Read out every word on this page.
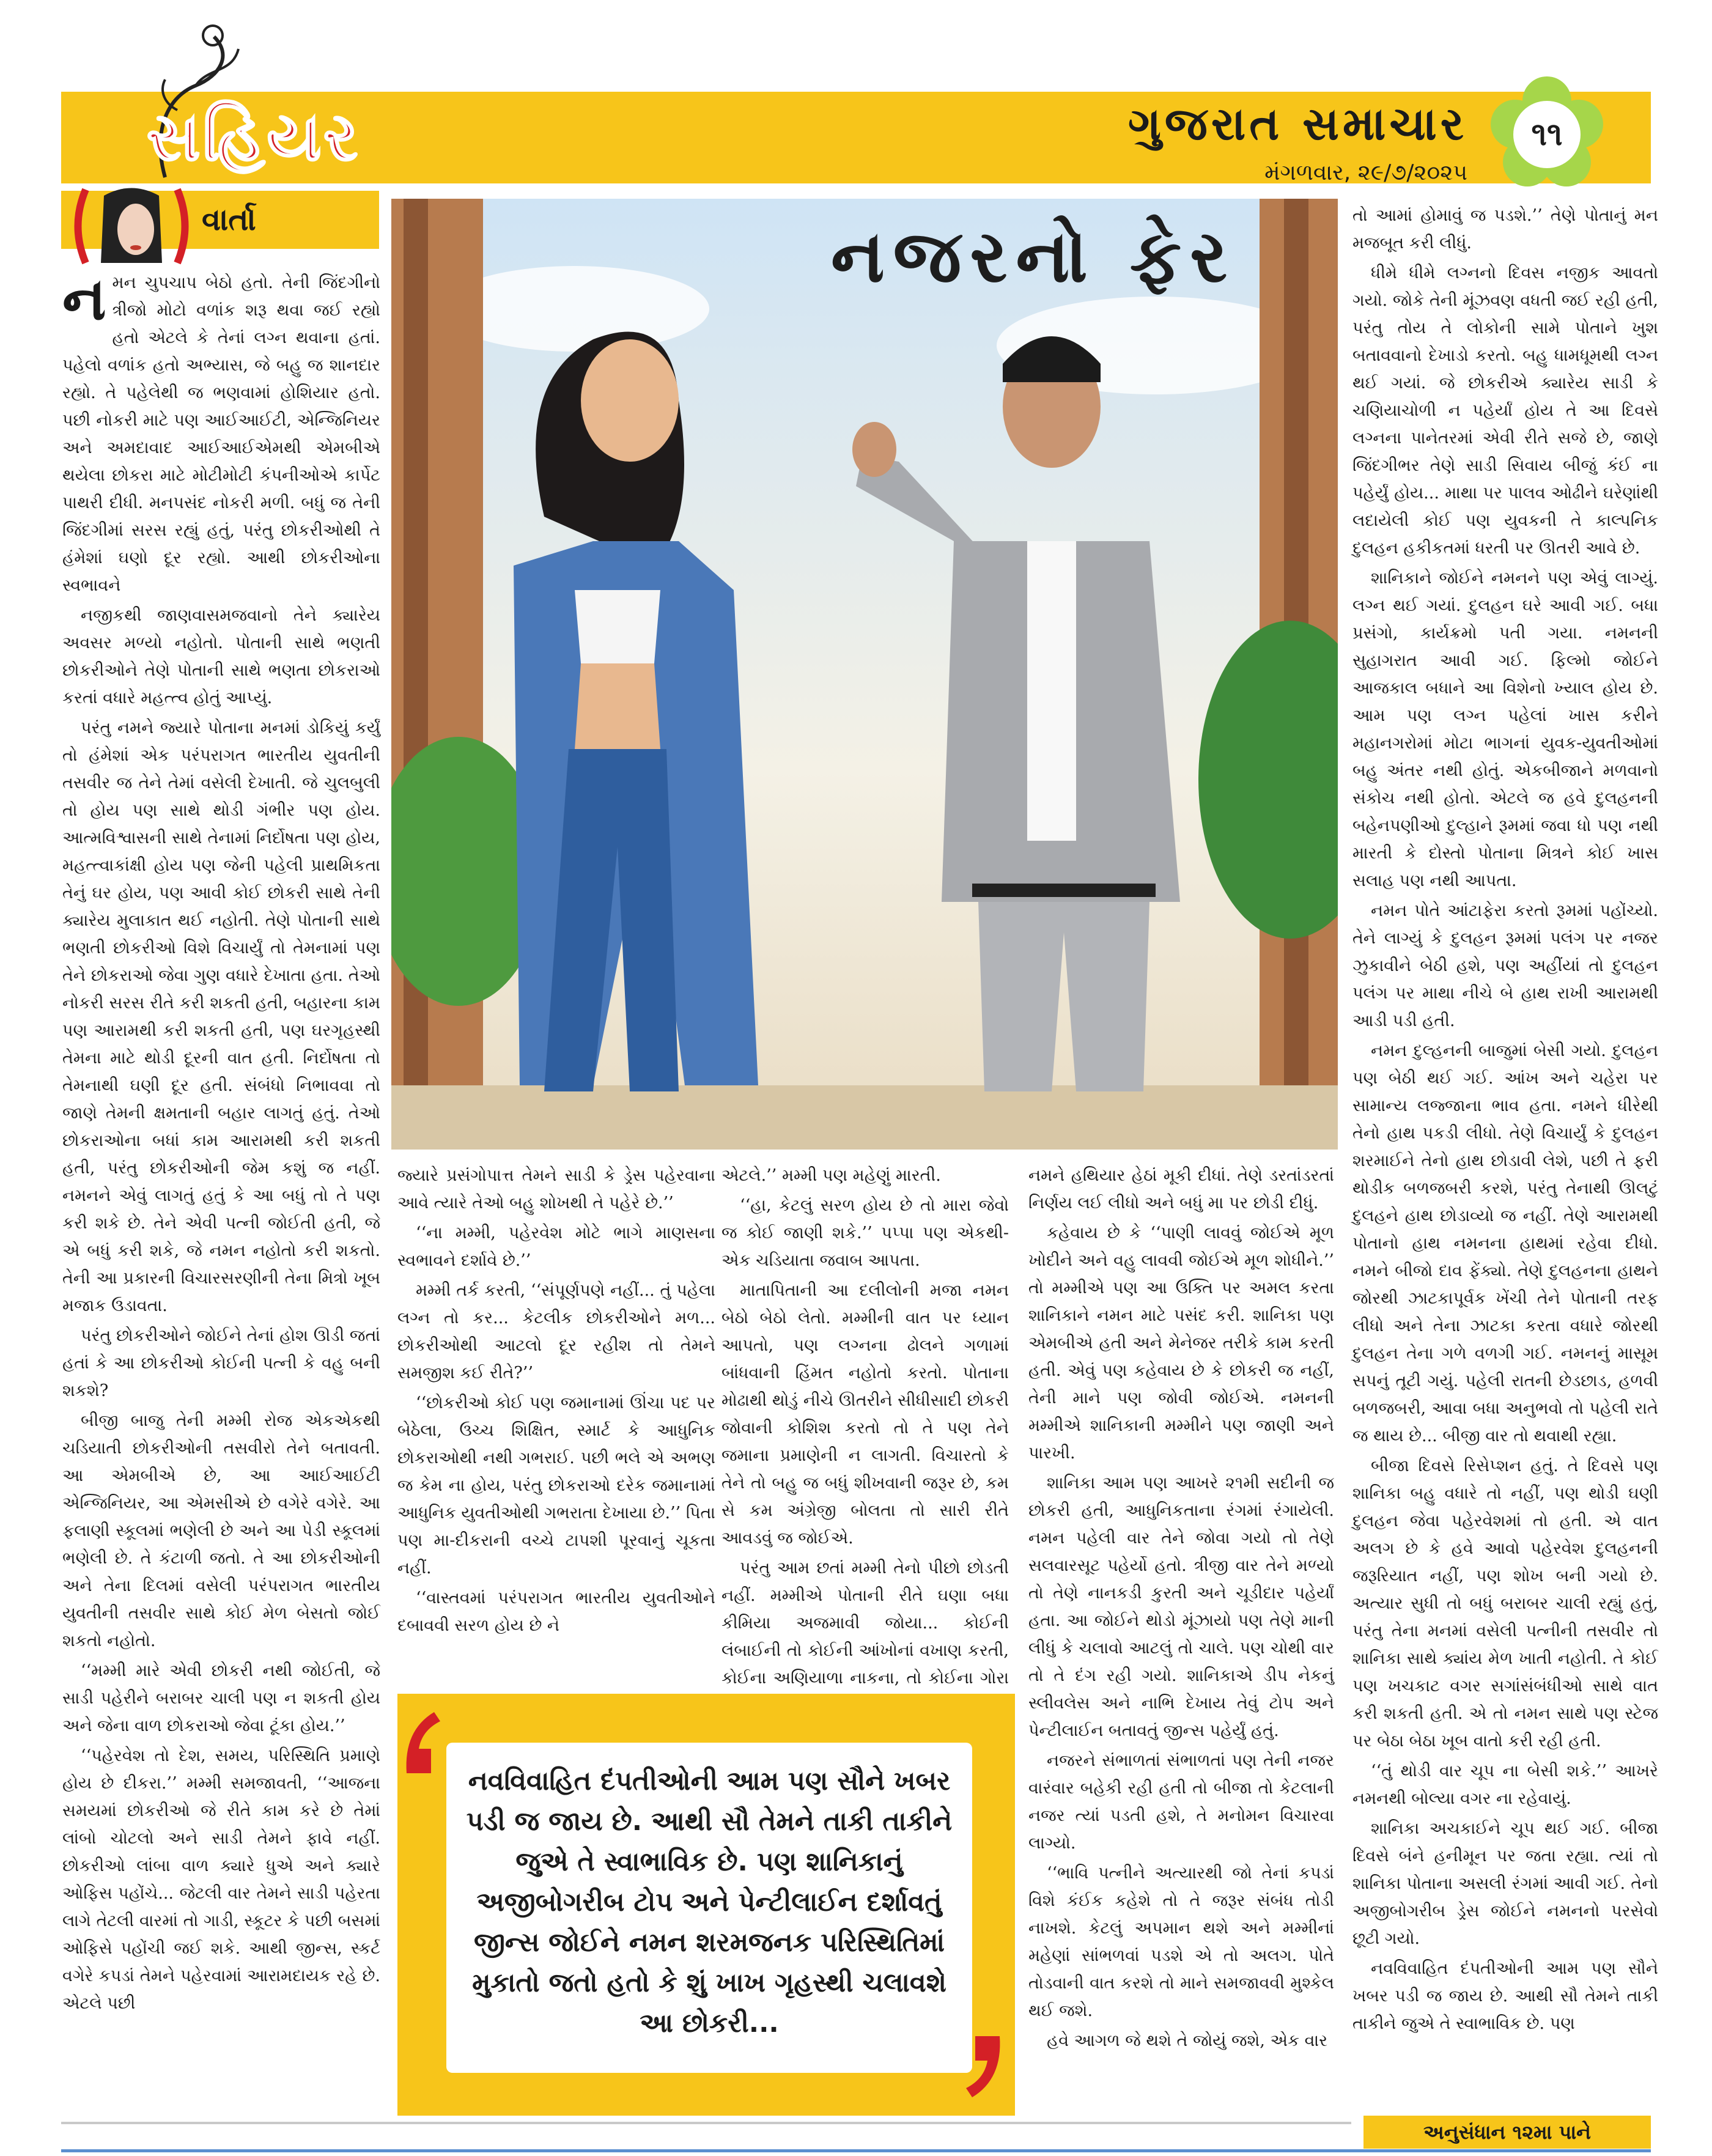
સહિયર	ગુજરાત સમાચાર
મંગળવાર, ૨૯/૭/૨૦૨૫
૧૧
વાર્તા
ન મન ચુપચાપ બેઠો હતો. તેની જિંદગીનો ત્રીજો મોટો વળાંક શરૂ થવા જઈ રહ્યો હતો એટલે કે તેનાં લગ્ન થવાના હતાં. પહેલો વળાંક હતો અભ્યાસ, જે બહુ જ શાનદાર રહ્યો. તે પહેલેથી જ ભણવામાં હોશિયાર હતો. પછી નોકરી માટે પણ આઈઆઈટી, એન્જિનિયર અને અમદાવાદ આઈઆઈએમથી એમબીએ થયેલા છોકરા માટે મોટીમોટી કંપનીઓએ કાર્પેટ પાથરી દીધી. મનપસંદ નોકરી મળી. બધું જ તેની જિંદગીમાં સરસ રહ્યું હતું, પરંતુ છોકરીઓથી તે હંમેશાં ઘણો દૂર રહ્યો. આથી છોકરીઓના સ્વભાવને

નજીકથી જાણવાસમજવાનો તેને ક્યારેય અવસર મળ્યો નહોતો. પોતાની સાથે ભણતી છોકરીઓને તેણે પોતાની સાથે ભણતા છોકરાઓ કરતાં વધારે મહત્ત્વ હોતું આપ્યું.

પરંતુ નમને જ્યારે પોતાના મનમાં ડોકિયું કર્યું તો હંમેશાં એક પરંપરાગત ભારતીય યુવતીની તસવીર જ તેને તેમાં વસેલી દેખાતી. જે ચુલબુલી તો હોય પણ સાથે થોડી ગંભીર પણ હોય. આત્મવિશ્વાસની સાથે તેનામાં નિર્દોષતા પણ હોય, મહત્ત્વાકાંક્ષી હોય પણ જેની પહેલી પ્રાથમિકતા તેનું ઘર હોય, પણ આવી કોઈ છોકરી સાથે તેની ક્યારેય મુલાકાત થઈ નહોતી. તેણે પોતાની સાથે ભણતી છોકરીઓ વિશે વિચાર્યું તો તેમનામાં પણ તેને છોકરાઓ જેવા ગુણ વધારે દેખાતા હતા. તેઓ નોકરી સરસ રીતે કરી શકતી હતી, બહારના કામ પણ આરામથી કરી શકતી હતી, પણ ઘરગૃહસ્થી તેમના માટે થોડી દૂરની વાત હતી. નિર્દોષતા તો તેમનાથી ઘણી દૂર હતી. સંબંધો નિભાવવા તો જાણે તેમની ક્ષમતાની બહાર લાગતું હતું. તેઓ છોકરાઓના બધાં કામ આરામથી કરી શકતી હતી, પરંતુ છોકરીઓની જેમ કશું જ નહીં. નમનને એવું લાગતું હતું કે આ બધું તો તે પણ કરી શકે છે. તેને એવી પત્ની જોઈતી હતી, જે એ બધું કરી શકે, જે નમન નહોતો કરી શકતો. તેની આ પ્રકારની વિચારસરણીની તેના મિત્રો ખૂબ મજાક ઉડાવતા.

પરંતુ છોકરીઓને જોઈને તેનાં હોશ ઊડી જતાં હતાં કે આ છોકરીઓ કોઈની પત્ની કે વહુ બની શકશે?

બીજી બાજુ તેની મમ્મી રોજ એકએકથી ચડિયાતી છોકરીઓની તસવીરો તેને બતાવતી. આ એમબીએ છે, આ આઈઆઈટી એન્જિનિયર, આ એમસીએ છે વગેરે વગેરે. આ ફલાણી સ્કૂલમાં ભણેલી છે અને આ પેડી સ્કૂલમાં ભણેલી છે. તે કંટાળી જતો. તે આ છોકરીઓની અને તેના દિલમાં વસેલી પરંપરાગત ભારતીય યુવતીની તસવીર સાથે કોઈ મેળ બેસતો જોઈ શકતો નહોતો.

‘‘મમ્મી મારે એવી છોકરી નથી જોઈતી, જે સાડી પહેરીને બરાબર ચાલી પણ ન શકતી હોય અને જેના વાળ છોકરાઓ જેવા ટૂંકા હોય.’’

‘‘પહેરવેશ તો દેશ, સમય, પરિસ્થિતિ પ્રમાણે હોય છે દીકરા.’’ મમ્મી સમજાવતી, ‘‘આજના સમયમાં છોકરીઓ જે રીતે કામ કરે છે તેમાં લાંબો ચોટલો અને સાડી તેમને ફાવે નહીં. છોકરીઓ લાંબા વાળ ક્યારે ધુએ અને ક્યારે ઓફિસ પહોંચે... જેટલી વાર તેમને સાડી પહેરતા લાગે તેટલી વારમાં તો ગાડી, સ્કૂટર કે પછી બસમાં ઓફિસે પહોંચી જઈ શકે. આથી જીન્સ, સ્કર્ટ વગેરે કપડાં તેમને પહેરવામાં આરામદાયક રહે છે. એટલે પછી

નજરનો ફેર

જ્યારે પ્રસંગોપાત્ત તેમને સાડી કે ડ્રેસ પહેરવાના આવે ત્યારે તેઓ બહુ શોખથી તે પહેરે છે.’’

‘‘ના મમ્મી, પહેરવેશ મોટે ભાગે માણસના સ્વભાવને દર્શાવે છે.’’

મમ્મી તર્ક કરતી, ‘‘સંપૂર્ણપણે નહીં... તું પહેલા લગ્ન તો કર... કેટલીક છોકરીઓને મળ... છોકરીઓથી આટલો દૂર રહીશ તો તેમને સમજીશ કઈ રીતે?’’

‘‘છોકરીઓ કોઈ પણ જમાનામાં ઊંચા પદ પર બેઠેલા, ઉચ્ચ શિક્ષિત, સ્માર્ટ કે આધુનિક છોકરાઓથી નથી ગભરાઈ. પછી ભલે એ અભણ જ કેમ ના હોય, પરંતુ છોકરાઓ દરેક જમાનામાં આધુનિક યુવતીઓથી ગભરાતા દેખાયા છે.’’ પિતા પણ મા-દીકરાની વચ્ચે ટાપશી પૂરવાનું ચૂકતા નહીં.

‘‘વાસ્તવમાં પરંપરાગત ભારતીય યુવતીઓને દબાવવી સરળ હોય છે ને

એટલે.’’ મમ્મી પણ મહેણું મારતી.

‘‘હા, કેટલું સરળ હોય છે તો મારા જેવો જ કોઈ જાણી શકે.’’ પપ્પા પણ એકથી-એક ચડિયાતા જવાબ આપતા.

માતાપિતાની આ દલીલોની મજા નમન બેઠો બેઠો લેતો. મમ્મીની વાત પર ધ્યાન આપતો, પણ લગ્નના ઢોલને ગળામાં બાંધવાની હિંમત નહોતો કરતો. પોતાના મોઢાથી થોડું નીચે ઊતરીને સીધીસાદી છોકરી જોવાની કોશિશ કરતો તો તે પણ તેને જમાના પ્રમાણેની ન લાગતી. વિચારતો કે તેને તો બહુ જ બધું શીખવાની જરૂર છે, કમ સે કમ અંગ્રેજી બોલતા તો સારી રીતે આવડવું જ જોઈએ.

પરંતુ આમ છતાં મમ્મી તેનો પીછો છોડતી નહીં. મમ્મીએ પોતાની રીતે ઘણા બધા કીમિયા અજમાવી જોયા... કોઈની લંબાઈની તો કોઈની આંખોનાં વખાણ કરતી, કોઈના અણિયાળા નાકના, તો કોઈના ગોરા

નવવિવાહિત દંપતીઓની આમ પણ સૌને ખબર પડી જ જાય છે. આથી સૌ તેમને તાકી તાકીને જુએ તે સ્વાભાવિક છે. પણ શાનિકાનું અજીબોગરીબ ટોપ અને પેન્ટીલાઈન દર્શાવતું જીન્સ જોઈને નમન શરમજનક પરિસ્થિતિમાં મુકાતો જતો હતો કે શું ખાખ ગૃહસ્થી ચલાવશે આ છોકરી...

નમને હથિયાર હેઠાં મૂકી દીધાં. તેણે ડરતાંડરતાં નિર્ણય લઈ લીધો અને બધું મા પર છોડી દીધું.

કહેવાય છે કે ‘‘પાણી લાવવું જોઈએ મૂળ ખોદીને અને વહુ લાવવી જોઈએ મૂળ શોધીને.’’ તો મમ્મીએ પણ આ ઉક્તિ પર અમલ કરતા શાનિકાને નમન માટે પસંદ કરી. શાનિકા પણ એમબીએ હતી અને મેનેજર તરીકે કામ કરતી હતી. એવું પણ કહેવાય છે કે છોકરી જ નહીં, તેની માને પણ જોવી જોઈએ. નમનની મમ્મીએ શાનિકાની મમ્મીને પણ જાણી અને પારખી.

શાનિકા આમ પણ આખરે ૨૧મી સદીની જ છોકરી હતી, આધુનિકતાના રંગમાં રંગાયેલી. નમન પહેલી વાર તેને જોવા ગયો તો તેણે સલવારસૂટ પહેર્યો હતો. ત્રીજી વાર તેને મળ્યો તો તેણે નાનકડી કુરતી અને ચૂડીદાર પહેર્યાં હતા. આ જોઈને થોડો મૂંઝાયો પણ તેણે માની લીધું કે ચલાવો આટલું તો ચાલે. પણ ચોથી વાર તો તે દંગ રહી ગયો. શાનિકાએ ડીપ નેકનું સ્લીવલેસ અને નાભિ દેખાય તેવું ટોપ અને પેન્ટીલાઈન બતાવતું જીન્સ પહેર્યું હતું.

નજરને સંભાળતાં સંભાળતાં પણ તેની નજર વારંવાર બહેકી રહી હતી તો બીજા તો કેટલાની નજર ત્યાં પડતી હશે, તે મનોમન વિચારવા લાગ્યો.

‘‘ભાવિ પત્નીને અત્યારથી જો તેનાં કપડાં વિશે કંઈક કહેશે તો તે જરૂર સંબંધ તોડી નાખશે. કેટલું અપમાન થશે અને મમ્મીનાં મહેણાં સાંભળવાં પડશે એ તો અલગ. પોતે તોડવાની વાત કરશે તો માને સમજાવવી મુશ્કેલ થઈ જશે.

હવે આગળ જે થશે તે જોયું જશે, એક વાર

તો આમાં હોમાવું જ પડશે.’’ તેણે પોતાનું મન મજબૂત કરી લીધું.

ધીમે ધીમે લગ્નનો દિવસ નજીક આવતો ગયો. જોકે તેની મૂંઝવણ વધતી જઈ રહી હતી, પરંતુ તોય તે લોકોની સામે પોતાને ખુશ બતાવવાનો દેખાડો કરતો. બહુ ધામધૂમથી લગ્ન થઈ ગયાં. જે છોકરીએ ક્યારેય સાડી કે ચણિયાચોળી ન પહેર્યાં હોય તે આ દિવસે લગ્નના પાનેતરમાં એવી રીતે સજે છે, જાણે જિંદગીભર તેણે સાડી સિવાય બીજું કંઈ ના પહેર્યું હોય... માથા પર પાલવ ઓઢીને ઘરેણાંથી લદાયેલી કોઈ પણ યુવકની તે કાલ્પનિક દુલહન હકીકતમાં ધરતી પર ઊતરી આવે છે.

શાનિકાને જોઈને નમનને પણ એવું લાગ્યું. લગ્ન થઈ ગયાં. દુલહન ઘરે આવી ગઈ. બધા પ્રસંગો, કાર્યક્રમો પતી ગયા. નમનની સુહાગરાત આવી ગઈ. ફિલ્મો જોઈને આજકાલ બધાને આ વિશેનો ખ્યાલ હોય છે. આમ પણ લગ્ન પહેલાં ખાસ કરીને મહાનગરોમાં મોટા ભાગનાં યુવક-યુવતીઓમાં બહુ અંતર નથી હોતું. એકબીજાને મળવાનો સંકોચ નથી હોતો. એટલે જ હવે દુલહનની બહેનપણીઓ દુલ્હાને રૂમમાં જવા ધો પણ નથી મારતી કે દોસ્તો પોતાના મિત્રને કોઈ ખાસ સલાહ પણ નથી આપતા.

નમન પોતે આંટાફેરા કરતો રૂમમાં પહોંચ્યો. તેને લાગ્યું કે દુલહન રૂમમાં પલંગ પર નજર ઝુકાવીને બેઠી હશે, પણ અહીંયાં તો દુલહન પલંગ પર માથા નીચે બે હાથ રાખી આરામથી આડી પડી હતી.

નમન દુલ્હનની બાજુમાં બેસી ગયો. દુલહન પણ બેઠી થઈ ગઈ. આંખ અને ચહેરા પર સામાન્ય લજ્જાના ભાવ હતા. નમને ધીરેથી તેનો હાથ પકડી લીધો. તેણે વિચાર્યું કે દુલહન શરમાઈને તેનો હાથ છોડાવી લેશે, પછી તે ફરી થોડીક બળજબરી કરશે, પરંતુ તેનાથી ઊલટું દુલહને હાથ છોડાવ્યો જ નહીં. તેણે આરામથી પોતાનો હાથ નમનના હાથમાં રહેવા દીધો. નમને બીજો દાવ ફેંક્યો. તેણે દુલહનના હાથને જોરથી ઝાટકાપૂર્વક ખેંચી તેને પોતાની તરફ લીધો અને તેના ઝાટકા કરતા વધારે જોરથી દુલહન તેના ગળે વળગી ગઈ. નમનનું માસૂમ સપનું તૂટી ગયું. પહેલી રાતની છેડછાડ, હળવી બળજબરી, આવા બધા અનુભવો તો પહેલી રાતે જ થાય છે... બીજી વાર તો થવાથી રહ્યા.

બીજા દિવસે રિસેપ્શન હતું. તે દિવસે પણ શાનિકા બહુ વધારે તો નહીં, પણ થોડી ઘણી દુલહન જેવા પહેરવેશમાં તો હતી. એ વાત અલગ છે કે હવે આવો પહેરવેશ દુલહનની જરૂરિયાત નહીં, પણ શોખ બની ગયો છે. અત્યાર સુધી તો બધું બરાબર ચાલી રહ્યું હતું, પરંતુ તેના મનમાં વસેલી પત્નીની તસવીર તો શાનિકા સાથે ક્યાંય મેળ ખાતી નહોતી. તે કોઈ પણ ખચકાટ વગર સગાંસંબંધીઓ સાથે વાત કરી શકતી હતી. એ તો નમન સાથે પણ સ્ટેજ પર બેઠા બેઠા ખૂબ વાતો કરી રહી હતી.

‘‘તું થોડી વાર ચૂપ ના બેસી શકે.’’ આખરે નમનથી બોલ્યા વગર ના રહેવાયું.

શાનિકા અચકાઈને ચૂપ થઈ ગઈ. બીજા દિવસે બંને હનીમૂન પર જતા રહ્યા. ત્યાં તો શાનિકા પોતાના અસલી રંગમાં આવી ગઈ. તેનો અજીબોગરીબ ડ્રેસ જોઈને નમનનો પરસેવો છૂટી ગયો.

નવવિવાહિત દંપતીઓની આમ પણ સૌને ખબર પડી જ જાય છે. આથી સૌ તેમને તાકી તાકીને જુએ તે સ્વાભાવિક છે. પણ

અનુસંધાન ૧૨મા પાને
